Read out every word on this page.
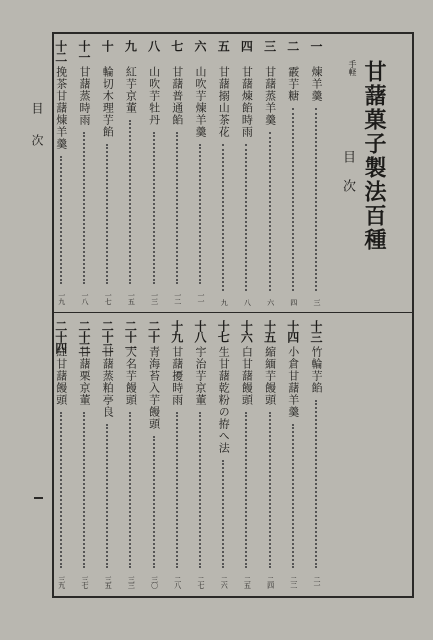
甘藷菓子製法百種
手軽
目次
目次
一
煉羊羹
三
二
霰芋糖
四
三
甘藷蒸羊羹
六
四
甘藷煉餡時雨
八
五
甘藷搦山茶花
九
六
山吹芋煉羊羹
一一
七
甘藷普通餡
一二
八
山吹芋牡丹
一三
九
紅芋京董
一五
十
輪切木理芋餡
一七
十一
甘藷蒸時雨
一八
十二
挽茶甘藷煉羊羹
一九
十三
竹輪芋餡
二一
十四
小倉甘藷羊羹
二二
十五
縮緬芋饅頭
二四
十六
白甘藷饅頭
二五
十七
生甘藷乾粉の拵へ法
二六
十八
宇治芋京董
二七
十九
甘藷擾時雨
二八
二十
青海苔入芋饅頭
三〇
二十一
大名芋饅頭
三三
二十二
甘藷蒸粕亭良
三五
二十三
甘藷栗京董
三七
二十四
紅甘藷饅頭
三九
